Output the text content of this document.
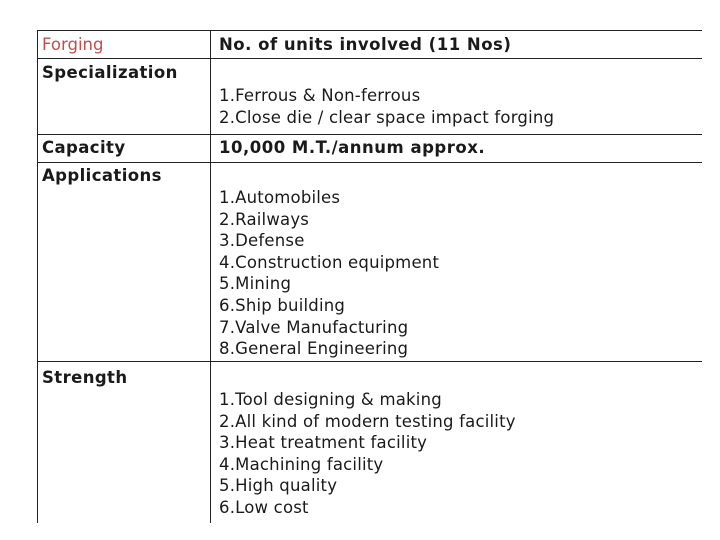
Forging	No. of units involved (11 Nos)
Specialization
1.Ferrous & Non-ferrous
2.Close die / clear space impact forging
Capacity	10,000 M.T./annum approx.
Applications
1.Automobiles
2.Railways
3.Defense
4.Construction equipment
5.Mining
6.Ship building
7.Valve Manufacturing
8.General Engineering
Strength
1.Tool designing & making
2.All kind of modern testing facility
3.Heat treatment facility
4.Machining facility
5.High quality
6.Low cost
